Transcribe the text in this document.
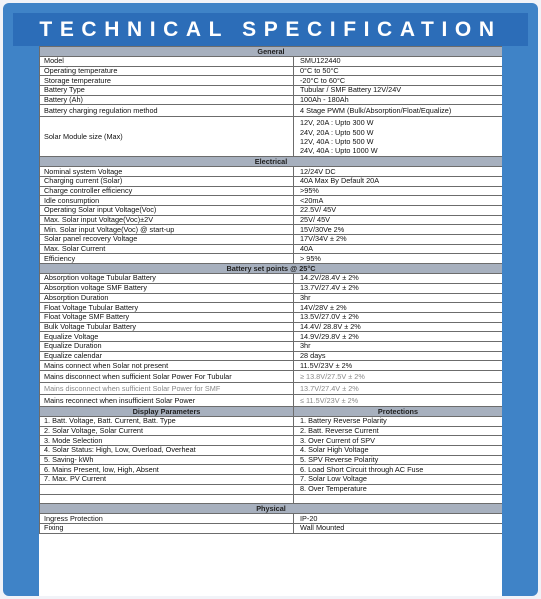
TECHNICAL SPECIFICATION
General	
Model	SMU122440
Operating temperature	0°C to 50°C
Storage temperature	-20°C to 60°C
Battery Type	Tubular / SMF Battery 12V/24V
Battery (Ah)	100Ah - 180Ah
Battery charging regulation method	4 Stage PWM (Bulk/Absorption/Float/Equalize)
Solar Module size (Max)	12V, 20A : Upto 300 W
24V, 20A : Upto 500 W
12V, 40A : Upto 500 W
24V, 40A : Upto 1000 W

Electrical	
Nominal system Voltage	12/24V DC
Charging current (Solar)	40A Max By Default 20A
Charge controller efficiency	>95%
Idle consumption	<20mA
Operating Solar input Voltage(Voc)	22.5V/ 45V
Max. Solar input Voltage(Voc)±2V	25V/ 45V
Min. Solar input Voltage(Voc) @ start-up	15V/30Ve 2%
Solar panel recovery Voltage	17V/34V ± 2%
Max. Solar Current	40A
Efficiency	> 95%
Battery set points @ 25°C	
Absorption voltage Tubular Battery	14.2V/28.4V ± 2%
Absorption voltage SMF Battery	13.7V/27.4V ± 2%
Absorption Duration	3hr
Float Voltage Tubular Battery	14V/28V ± 2%
Float Voltage SMF Battery	13.5V/27.0V ± 2%
Bulk Voltage Tubular Battery	14.4V/ 28.8V ± 2%
Equalize Voltage	14.9V/29.8V ± 2%
Equalize Duration	3hr
Equalize calendar	28 days
Mains connect when Solar not present	11.5V/23V ± 2%
Mains disconnect when sufficient Solar Power For Tubular	≥ 13.8V/27.5V ± 2%
Mains disconnect when sufficient Solar Power for SMF	13.7V/27.4V ± 2%
Mains reconnect when insufficient Solar Power	≤ 11.5V/23V ± 2%
Display Parameters	Protections
1. Batt. Voltage, Batt. Current, Batt. Type	1. Battery Reverse Polarity
2. Solar Voltage, Solar Current	2. Batt. Reverse Current
3. Mode Selection	3. Over Current of SPV
4. Solar Status: High, Low, Overload, Overheat	4. Solar High Voltage
5. Saving- kWh	5. SPV Reverse Polarity
6. Mains Present, low, High, Absent	6. Load Short Circuit through AC Fuse
7. Max. PV Current	7. Solar Low Voltage
	8. Over Temperature

Physical	
Ingress Protection	IP-20
Fixing	Wall Mounted
